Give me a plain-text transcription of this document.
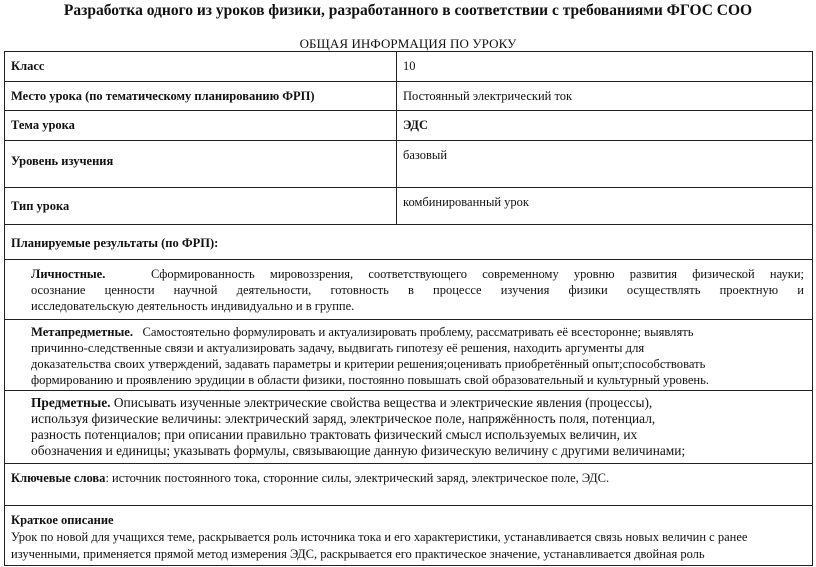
Разработка одного из уроков физики, разработанного в соответствии с требованиями ФГОС СОО
ОБЩАЯ ИНФОРМАЦИЯ ПО УРОКУ
Класс	10
Место урока (по тематическому планированию ФРП)	Постоянный электрический ток
Тема урока	ЭДС
Уровень изучения	базовый
Тип урока	комбинированный урок
Планируемые результаты (по ФРП):	

Личностные. Сформированность мировоззрения, соответствующего современному уровню развития физической науки;
осознание ценности научной деятельности, готовность в процессе изучения физики осуществлять проектную и
исследовательскую деятельность индивидуально и в группе.	

Метапредметные. Самостоятельно формулировать и актуализировать проблему, рассматривать её всесторонне; выявлять
причинно-следственные связи и актуализировать задачу, выдвигать гипотезу её решения, находить аргументы для
доказательства своих утверждений, задавать параметры и критерии решения;оценивать приобретённый опыт;способствовать
формированию и проявлению эрудиции в области физики, постоянно повышать свой образовательный и культурный уровень.	

Предметные. Описывать изученные электрические свойства вещества и электрические явления (процессы),
используя физические величины: электрический заряд, электрическое поле, напряжённость поля, потенциал,
разность потенциалов; при описании правильно трактовать физический смысл используемых величин, их
обозначения и единицы; указывать формулы, связывающие данную физическую величину с другими величинами;	

Ключевые слова: источник постоянного тока, сторонние силы, электрический заряд, электрическое поле, ЭДС.	

Краткое описание
Урок по новой для учащихся теме, раскрывается роль источника тока и его характеристики, устанавливается связь новых величин с ранее
изученными, применяется прямой метод измерения ЭДС, раскрывается его практическое значение, устанавливается двойная роль	
